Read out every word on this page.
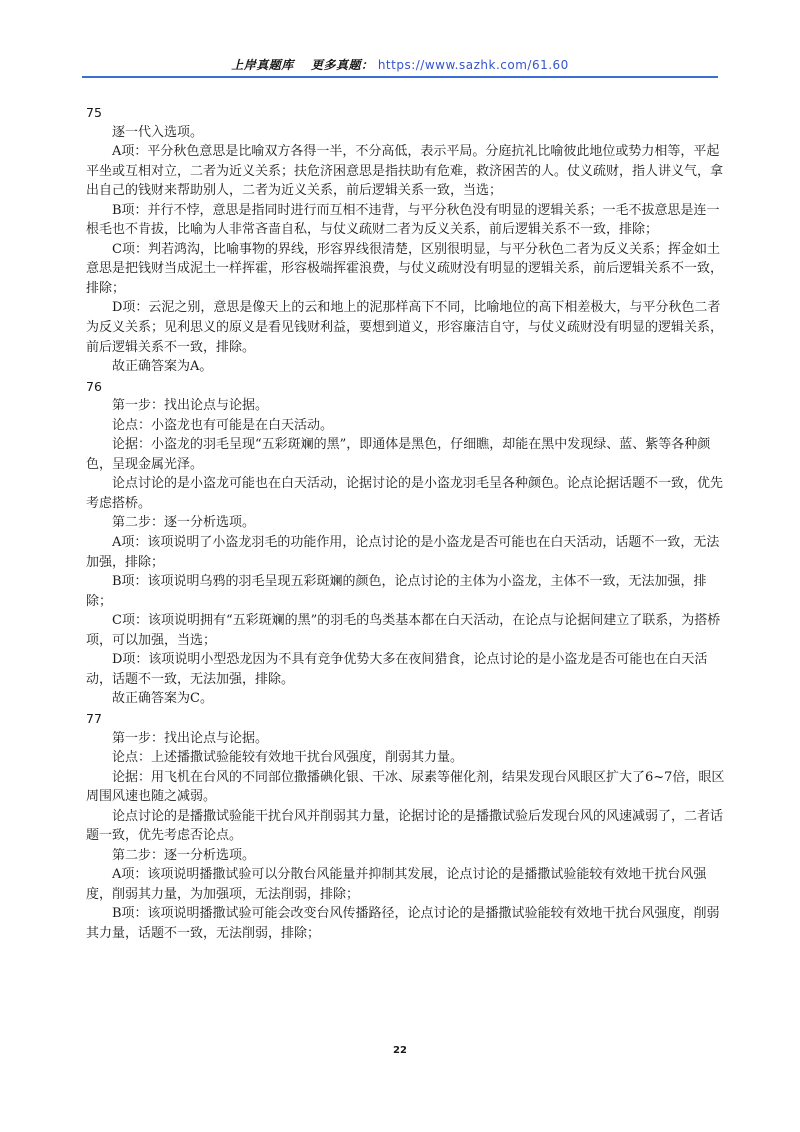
上岸真题库 更多真题： https://www.sazhk.com/61.60

75

逐一代入选项。

A项：平分秋色意思是比喻双方各得一半，不分高低，表示平局。分庭抗礼比喻彼此地位或势力相等，平起平坐或互相对立，二者为近义关系；扶危济困意思是指扶助有危难，救济困苦的人。仗义疏财，指人讲义气，拿出自己的钱财来帮助别人，二者为近义关系，前后逻辑关系一致，当选；

B项：并行不悖，意思是指同时进行而互相不违背，与平分秋色没有明显的逻辑关系；一毛不拔意思是连一根毛也不肯拔，比喻为人非常吝啬自私，与仗义疏财二者为反义关系，前后逻辑关系不一致，排除；

C项：判若鸿沟，比喻事物的界线，形容界线很清楚，区别很明显，与平分秋色二者为反义关系；挥金如土意思是把钱财当成泥土一样挥霍，形容极端挥霍浪费，与仗义疏财没有明显的逻辑关系，前后逻辑关系不一致，排除；

D项：云泥之别，意思是像天上的云和地上的泥那样高下不同，比喻地位的高下相差极大，与平分秋色二者为反义关系；见利思义的原义是看见钱财利益，要想到道义，形容廉洁自守，与仗义疏财没有明显的逻辑关系，前后逻辑关系不一致，排除。

故正确答案为A。

76

第一步：找出论点与论据。

论点：小盗龙也有可能是在白天活动。

论据：小盗龙的羽毛呈现“五彩斑斓的黑”，即通体是黑色，仔细瞧，却能在黑中发现绿、蓝、紫等各种颜色，呈现金属光泽。

论点讨论的是小盗龙可能也在白天活动，论据讨论的是小盗龙羽毛呈各种颜色。论点论据话题不一致，优先考虑搭桥。

第二步：逐一分析选项。

A项：该项说明了小盗龙羽毛的功能作用，论点讨论的是小盗龙是否可能也在白天活动，话题不一致，无法加强，排除；

B项：该项说明乌鸦的羽毛呈现五彩斑斓的颜色，论点讨论的主体为小盗龙，主体不一致，无法加强，排除；

C项：该项说明拥有“五彩斑斓的黑”的羽毛的鸟类基本都在白天活动，在论点与论据间建立了联系，为搭桥项，可以加强，当选；

D项：该项说明小型恐龙因为不具有竞争优势大多在夜间猎食，论点讨论的是小盗龙是否可能也在白天活动，话题不一致，无法加强，排除。

故正确答案为C。

77

第一步：找出论点与论据。

论点：上述播撒试验能较有效地干扰台风强度，削弱其力量。

论据：用飞机在台风的不同部位撒播碘化银、干冰、尿素等催化剂，结果发现台风眼区扩大了6~7倍，眼区周围风速也随之减弱。

论点讨论的是播撒试验能干扰台风并削弱其力量，论据讨论的是播撒试验后发现台风的风速减弱了，二者话题一致，优先考虑否论点。

第二步：逐一分析选项。

A项：该项说明播撒试验可以分散台风能量并抑制其发展，论点讨论的是播撒试验能较有效地干扰台风强度，削弱其力量，为加强项，无法削弱，排除；

B项：该项说明播撒试验可能会改变台风传播路径，论点讨论的是播撒试验能较有效地干扰台风强度，削弱其力量，话题不一致，无法削弱，排除；

22
